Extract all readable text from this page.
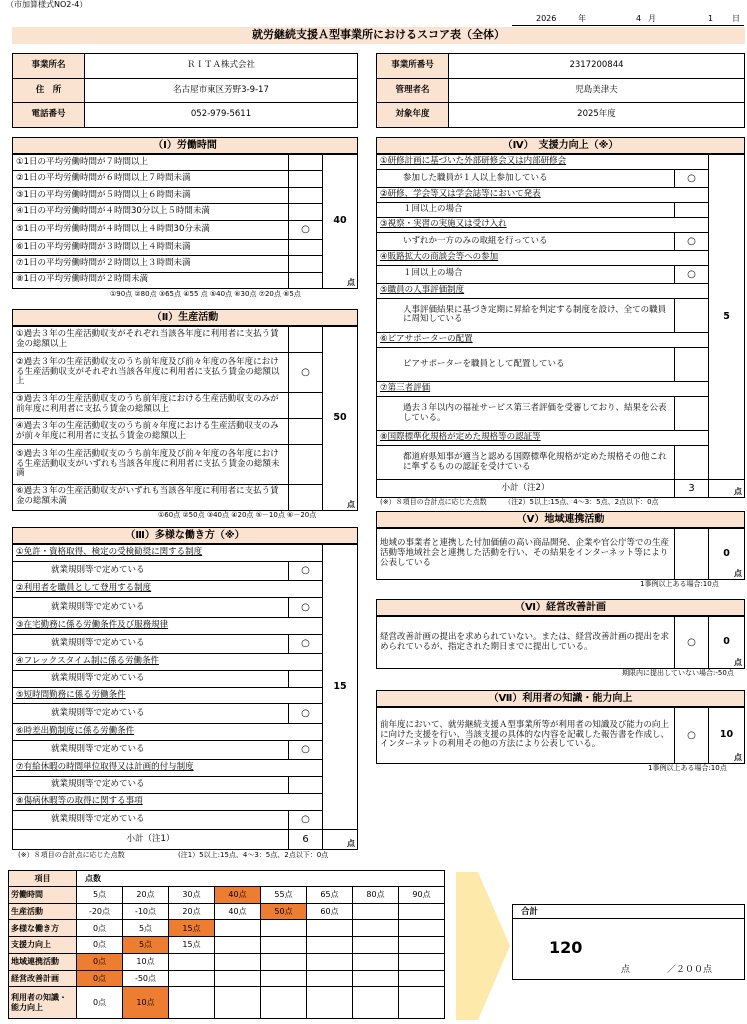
（市加算様式NO2-4）
2026	年	4 月	1 日
就労継続支援Ａ型事業所におけるスコア表（全体）
事業所名	ＲＩＴＡ株式会社
住　所	名古屋市東区芳野3-9-17
電話番号	052-979-5611
事業所番号	2317200844
管理者名	児島美津夫
対象年度	2025年度
（Ⅰ）労働時間
①1日の平均労働時間が７時間以上		40
点

②1日の平均労働時間が６時間以上７時間未満		
③1日の平均労働時間が５時間以上６時間未満		
④1日の平均労働時間が４時間30分以上５時間未満		
⑤1日の平均労働時間が４時間以上４時間30分未満	○	
⑥1日の平均労働時間が３時間以上４時間未満		
⑦1日の平均労働時間が２時間以上３時間未満		
⑧1日の平均労働時間が２時間未満		
①90点 ②80点 ③65点 ④55 点 ⑤40点 ⑥30点 ⑦20点 ⑧5点
（Ⅱ）生産活動
①過去３年の生産活動収支がそれぞれ当該各年度に利用者に支払う賃金の総額以上		50
点

②過去３年の生産活動収支のうち前年度及び前々年度の各年度における生産活動収支がそれぞれ当該各年度に利用者に支払う賃金の総額以上	○	
③過去３年の生産活動収支のうち前年度における生産活動収支のみが前年度に利用者に支払う賃金の総額以上		
④過去３年の生産活動収支のうち前々年度における生産活動収支のみが前々年度に利用者に支払う賃金の総額以上		
⑤過去３年の生産活動収支のうち前年度及び前々年度の各年度における生産活動収支がいずれも当該各年度に利用者に支払う賃金の総額未満		
⑥過去３年の生産活動収支がいずれも当該各年度に利用者に支払う賃金の総額未満		
①60点 ②50点 ③40点 ④20点 ⑤－10点 ⑥－20点
（Ⅲ）多様な働き方（※）
①免許・資格取得、検定の受検勧奨に関する制度		15
就業規則等で定めている	○	
②利用者を職員として登用する制度		
就業規則等で定めている	○	
③在宅勤務に係る労働条件及び服務規律		
就業規則等で定めている	○	
④フレックスタイム制に係る労働条件		
就業規則等で定めている		
⑤短時間勤務に係る労働条件		
就業規則等で定めている	○	
⑥時差出勤制度に係る労働条件		
就業規則等で定めている	○	
⑦有給休暇の時間単位取得又は計画的付与制度		
就業規則等で定めている		
⑧傷病休暇等の取得に関する事項		
就業規則等で定めている	○	
小計（注1）	6	点
(※）８項目の合計点に応じた点数	(注1）5以上:15点、4～3：5点、2点以下：0点
（Ⅳ）　支援力向上（※）
①研修計画に基づいた外部研修会又は内部研修会		5
参加した職員が１人以上参加している	○	
②研修、学会等又は学会誌等において発表		
１回以上の場合		
③視察・実習の実施又は受け入れ		
いずれか一方のみの取組を行っている	○	
④販路拡大の商談会等への参加		
１回以上の場合	○	
⑤職員の人事評価制度		
人事評価結果に基づき定期に昇給を判定する制度を設け、全ての職員に周知している		
⑥ピアサポーターの配置		
ピアサポーターを職員として配置している		
⑦第三者評価		
過去３年以内の福祉サービス第三者評価を受審しており、結果を公表している。		
⑧国際標準化規格が定めた規格等の認証等		
都道府県知事が適当と認める国際標準化規格が定めた規格その他これに準ずるものの認証を受けている		
小計（注2）	3	点
(※）８項目の合計点に応じた点数　　　（注2）5以上:15点、4～3：5点、2点以下：0点
（Ⅴ）地域連携活動
地域の事業者と連携した付加価値の高い商品開発、企業や官公庁等での生産活動等地域社会と連携した活動を行い、その結果をインターネット等により公表している		0
点
1事例以上ある場合:10点
（Ⅵ）経営改善計画
経営改善計画の提出を求められていない。または、経営改善計画の提出を求められているが、指定された期日までに提出している。	○	0
点
期限内に提出していない場合:-50点
（Ⅶ）利用者の知識・能力向上
前年度において、就労継続支援Ａ型事業所等が利用者の知識及び能力の向上に向けた支援を行い、当該支援の具体的な内容を記載した報告書を作成し、インターネットの利用その他の方法により公表している。	○	10
点
1事例以上ある場合:10点
項目	点数							
労働時間	5点	20点	30点	40点	55点	65点	80点	90点
生産活動	-20点	-10点	20点	40点	50点	60点		
多様な働き方	0点	5点	15点					
支援力向上	0点	5点	15点					
地域連携活動	0点	10点						
経営改善計画	0点	-50点						
利用者の知識・能力向上	0点	10点						
合計
120
点	／２００点
